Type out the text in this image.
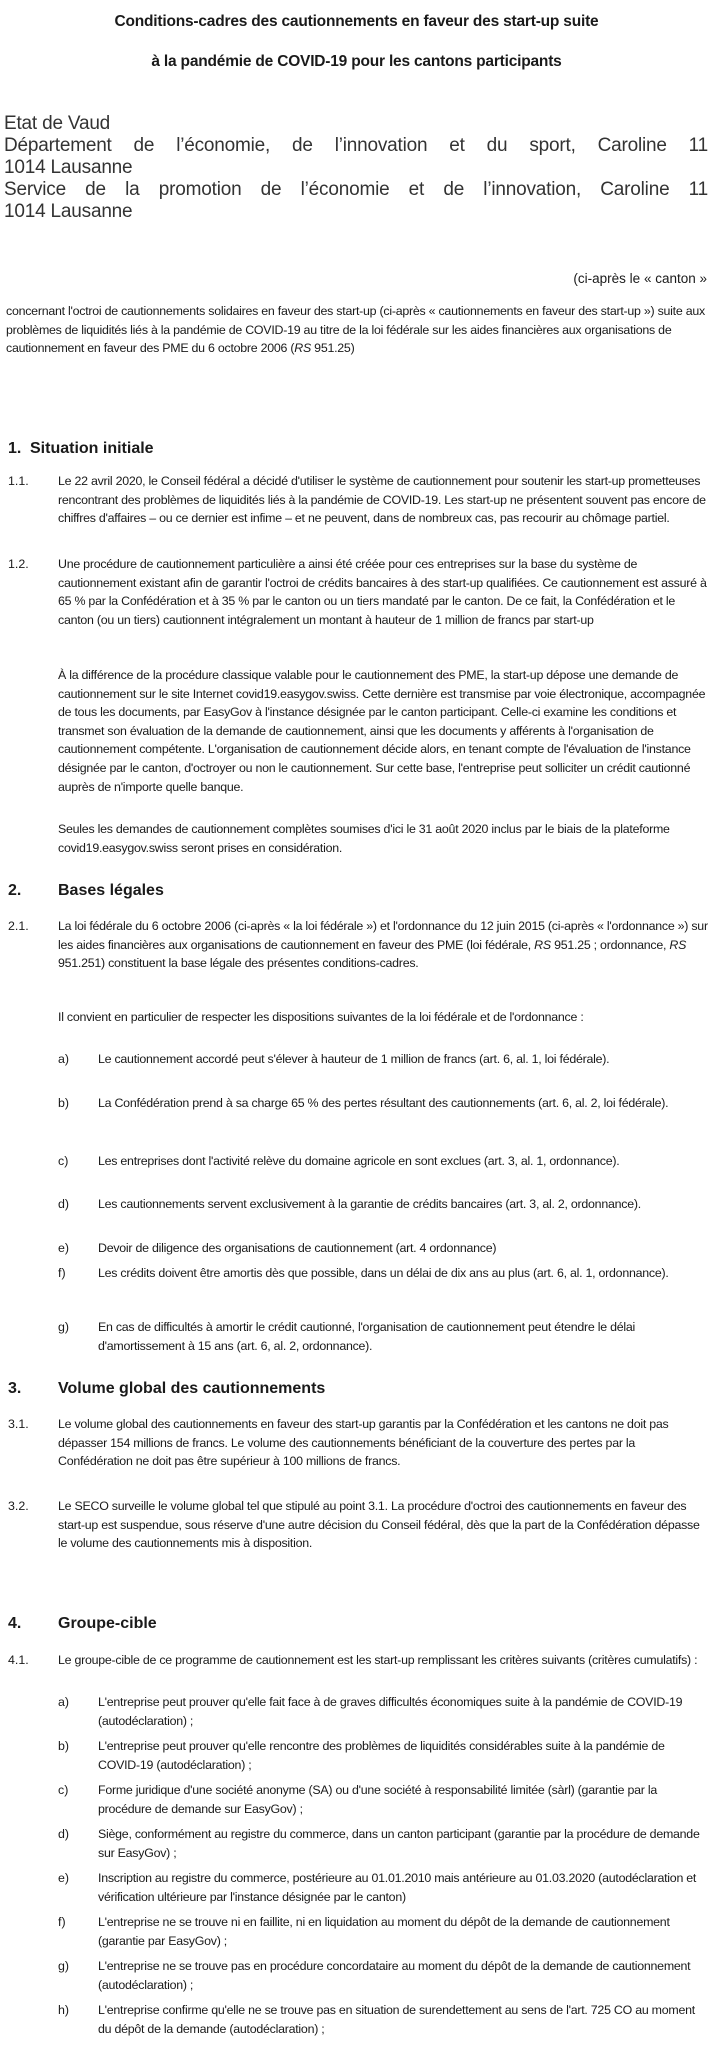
Conditions-cadres des cautionnements en faveur des start-up suite
à la pandémie de COVID-19 pour les cantons participants
Etat de Vaud
Département de l’économie, de l’innovation et du sport, Caroline 11
1014 Lausanne
Service de la promotion de l’économie et de l’innovation, Caroline 11
1014 Lausanne
(ci-après le « canton »

concernant l'octroi de cautionnements solidaires en faveur des start-up (ci-après « cautionnements en faveur des start-up ») suite aux problèmes de liquidités liés à la pandémie de COVID-19 au titre de la loi fédérale sur les aides financières aux organisations de cautionnement en faveur des PME du 6 octobre 2006 (RS 951.25)

1. Situation initiale
1.1. Le 22 avril 2020, le Conseil fédéral a décidé d'utiliser le système de cautionnement pour soutenir les start-up prometteuses rencontrant des problèmes de liquidités liés à la pandémie de COVID-19. Les start-up ne présentent souvent pas encore de chiffres d'affaires – ou ce dernier est infime – et ne peuvent, dans de nombreux cas, pas recourir au chômage partiel.

1.2. Une procédure de cautionnement particulière a ainsi été créée pour ces entreprises sur la base du système de cautionnement existant afin de garantir l'octroi de crédits bancaires à des start-up qualifiées. Ce cautionnement est assuré à 65 % par la Confédération et à 35 % par le canton ou un tiers mandaté par le canton. De ce fait, la Confédération et le canton (ou un tiers) cautionnent intégralement un montant à hauteur de 1 million de francs par start-up

À la différence de la procédure classique valable pour le cautionnement des PME, la start-up dépose une demande de cautionnement sur le site Internet covid19.easygov.swiss. Cette dernière est transmise par voie électronique, accompagnée de tous les documents, par EasyGov à l'instance désignée par le canton participant. Celle-ci examine les conditions et transmet son évaluation de la demande de cautionnement, ainsi que les documents y afférents à l'organisation de cautionnement compétente. L'organisation de cautionnement décide alors, en tenant compte de l'évaluation de l'instance désignée par le canton, d'octroyer ou non le cautionnement. Sur cette base, l'entreprise peut solliciter un crédit cautionné auprès de n'importe quelle banque.

Seules les demandes de cautionnement complètes soumises d'ici le 31 août 2020 inclus par le biais de la plateforme covid19.easygov.swiss seront prises en considération.

2. Bases légales
2.1. La loi fédérale du 6 octobre 2006 (ci-après « la loi fédérale ») et l'ordonnance du 12 juin 2015 (ci-après « l'ordonnance ») sur les aides financières aux organisations de cautionnement en faveur des PME (loi fédérale, RS 951.25 ; ordonnance, RS 951.251) constituent la base légale des présentes conditions-cadres.

Il convient en particulier de respecter les dispositions suivantes de la loi fédérale et de l'ordonnance :

a) Le cautionnement accordé peut s'élever à hauteur de 1 million de francs (art. 6, al. 1, loi fédérale).

b) La Confédération prend à sa charge 65 % des pertes résultant des cautionnements (art. 6, al. 2, loi fédérale).

c) Les entreprises dont l'activité relève du domaine agricole en sont exclues (art. 3, al. 1, ordonnance).

d) Les cautionnements servent exclusivement à la garantie de crédits bancaires (art. 3, al. 2, ordonnance).

e) Devoir de diligence des organisations de cautionnement (art. 4 ordonnance)

f)	Les crédits doivent être amortis dès que possible, dans un délai de dix ans au plus (art. 6, al. 1, ordonnance).

g) En cas de difficultés à amortir le crédit cautionné, l'organisation de cautionnement peut étendre le délai d'amortissement à 15 ans (art. 6, al. 2, ordonnance).

3. Volume global des cautionnements
3.1. Le volume global des cautionnements en faveur des start-up garantis par la Confédération et les cantons ne doit pas dépasser 154 millions de francs. Le volume des cautionnements bénéficiant de la couverture des pertes par la Confédération ne doit pas être supérieur à 100 millions de francs.

3.2. Le SECO surveille le volume global tel que stipulé au point 3.1. La procédure d'octroi des cautionnements en faveur des start-up est suspendue, sous réserve d'une autre décision du Conseil fédéral, dès que la part de la Confédération dépasse le volume des cautionnements mis à disposition.

4. Groupe-cible
4.1. Le groupe-cible de ce programme de cautionnement est les start-up remplissant les critères suivants (critères cumulatifs) :

a) L'entreprise peut prouver qu'elle fait face à de graves difficultés économiques suite à la pandémie de COVID-19 (autodéclaration) ;

b) L'entreprise peut prouver qu'elle rencontre des problèmes de liquidités considérables suite à la pandémie de COVID-19 (autodéclaration) ;

c) Forme juridique d'une société anonyme (SA) ou d'une société à responsabilité limitée (sàrl) (garantie par la procédure de demande sur EasyGov) ;

d) Siège, conformément au registre du commerce, dans un canton participant (garantie par la procédure de demande sur EasyGov) ;

e) Inscription au registre du commerce, postérieure au 01.01.2010 mais antérieure au 01.03.2020 (autodéclaration et vérification ultérieure par l'instance désignée par le canton)

f)	L'entreprise ne se trouve ni en faillite, ni en liquidation au moment du dépôt de la demande de cautionnement (garantie par EasyGov) ;

g) L'entreprise ne se trouve pas en procédure concordataire au moment du dépôt de la demande de cautionnement (autodéclaration) ;

h) L'entreprise confirme qu'elle ne se trouve pas en situation de surendettement au sens de l'art. 725 CO au moment du dépôt de la demande (autodéclaration) ;
